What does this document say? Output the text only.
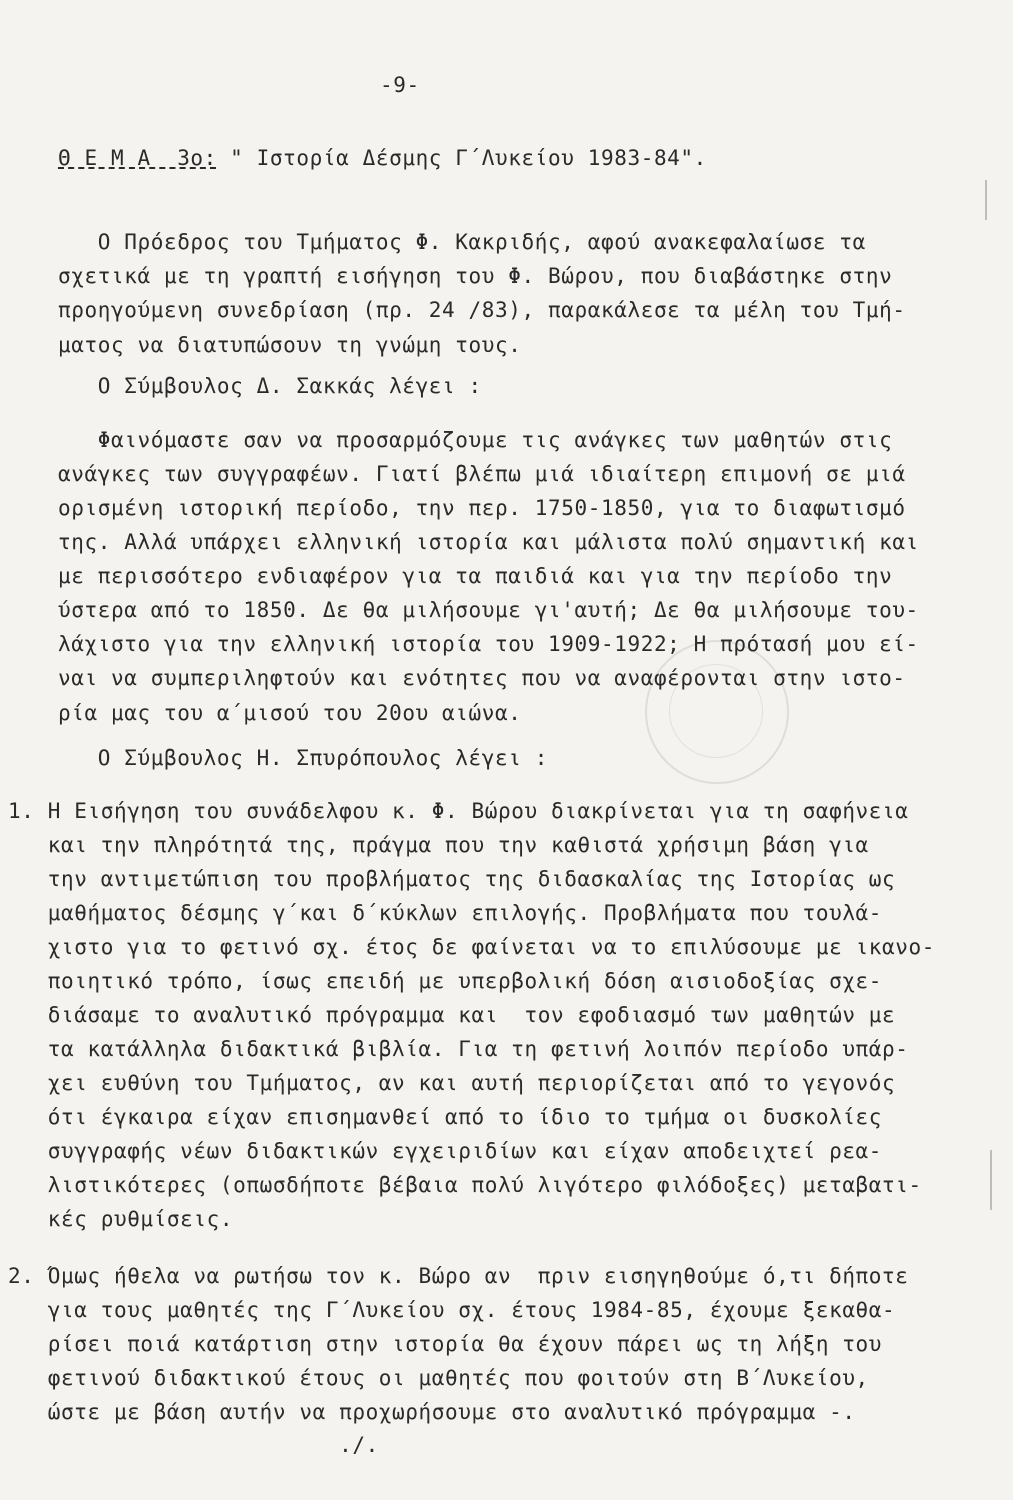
-9-
Θ Ε Μ Α  3ο: " Ιστορία Δέσμης Γ΄Λυκείου 1983-84".
Ο Πρόεδρος του Τμήματος Φ. Κακριδής, αφού ανακεφαλαίωσε τα
σχετικά με τη γραπτή εισήγηση του Φ. Βώρου, που διαβάστηκε στην
προηγούμενη συνεδρίαση (πρ. 24 /83), παρακάλεσε τα μέλη του Τμή-
ματος να διατυπώσουν τη γνώμη τους.
Ο Σύμβουλος Δ. Σακκάς λέγει :
Φαινόμαστε σαν να προσαρμόζουμε τις ανάγκες των μαθητών στις
ανάγκες των συγγραφέων. Γιατί βλέπω μιά ιδιαίτερη επιμονή σε μιά
ορισμένη ιστορική περίοδο, την περ. 1750-1850, για το διαφωτισμό
της. Αλλά υπάρχει ελληνική ιστορία και μάλιστα πολύ σημαντική και
με περισσότερο ενδιαφέρον για τα παιδιά και για την περίοδο την
ύστερα από το 1850. Δε θα μιλήσουμε γι'αυτή; Δε θα μιλήσουμε του-
λάχιστο για την ελληνική ιστορία του 1909-1922; Η πρότασή μου εί-
ναι να συμπεριληφτούν και ενότητες που να αναφέρονται στην ιστο-
ρία μας του α΄μισού του 20ου αιώνα.
Ο Σύμβουλος Η. Σπυρόπουλος λέγει :
1. Η Εισήγηση του συνάδελφου κ. Φ. Βώρου διακρίνεται για τη σαφήνεια
και την πληρότητά της, πράγμα που την καθιστά χρήσιμη βάση για
την αντιμετώπιση του προβλήματος της διδασκαλίας της Ιστορίας ως
μαθήματος δέσμης γ΄και δ΄κύκλων επιλογής. Προβλήματα που τουλά-
χιστο για το φετινό σχ. έτος δε φαίνεται να το επιλύσουμε με ικανο-
ποιητικό τρόπο, ίσως επειδή με υπερβολική δόση αισιοδοξίας σχε-
διάσαμε το αναλυτικό πρόγραμμα και  τον εφοδιασμό των μαθητών με
τα κατάλληλα διδακτικά βιβλία. Για τη φετινή λοιπόν περίοδο υπάρ-
χει ευθύνη του Τμήματος, αν και αυτή περιορίζεται από το γεγονός
ότι έγκαιρα είχαν επισημανθεί από το ίδιο το τμήμα οι δυσκολίες
συγγραφής νέων διδακτικών εγχειριδίων και είχαν αποδειχτεί ρεα-
λιστικότερες (οπωσδήποτε βέβαια πολύ λιγότερο φιλόδοξες) μεταβατι-
κές ρυθμίσεις.
2. Όμως ήθελα να ρωτήσω τον κ. Βώρο αν  πριν εισηγηθούμε ό,τι δήποτε
για τους μαθητές της Γ΄Λυκείου σχ. έτους 1984-85, έχουμε ξεκαθα-
ρίσει ποιά κατάρτιση στην ιστορία θα έχουν πάρει ως τη λήξη του
φετινού διδακτικού έτους οι μαθητές που φοιτούν στη Β΄Λυκείου,
ώστε με βάση αυτήν να προχωρήσουμε στο αναλυτικό πρόγραμμα -.
./.
